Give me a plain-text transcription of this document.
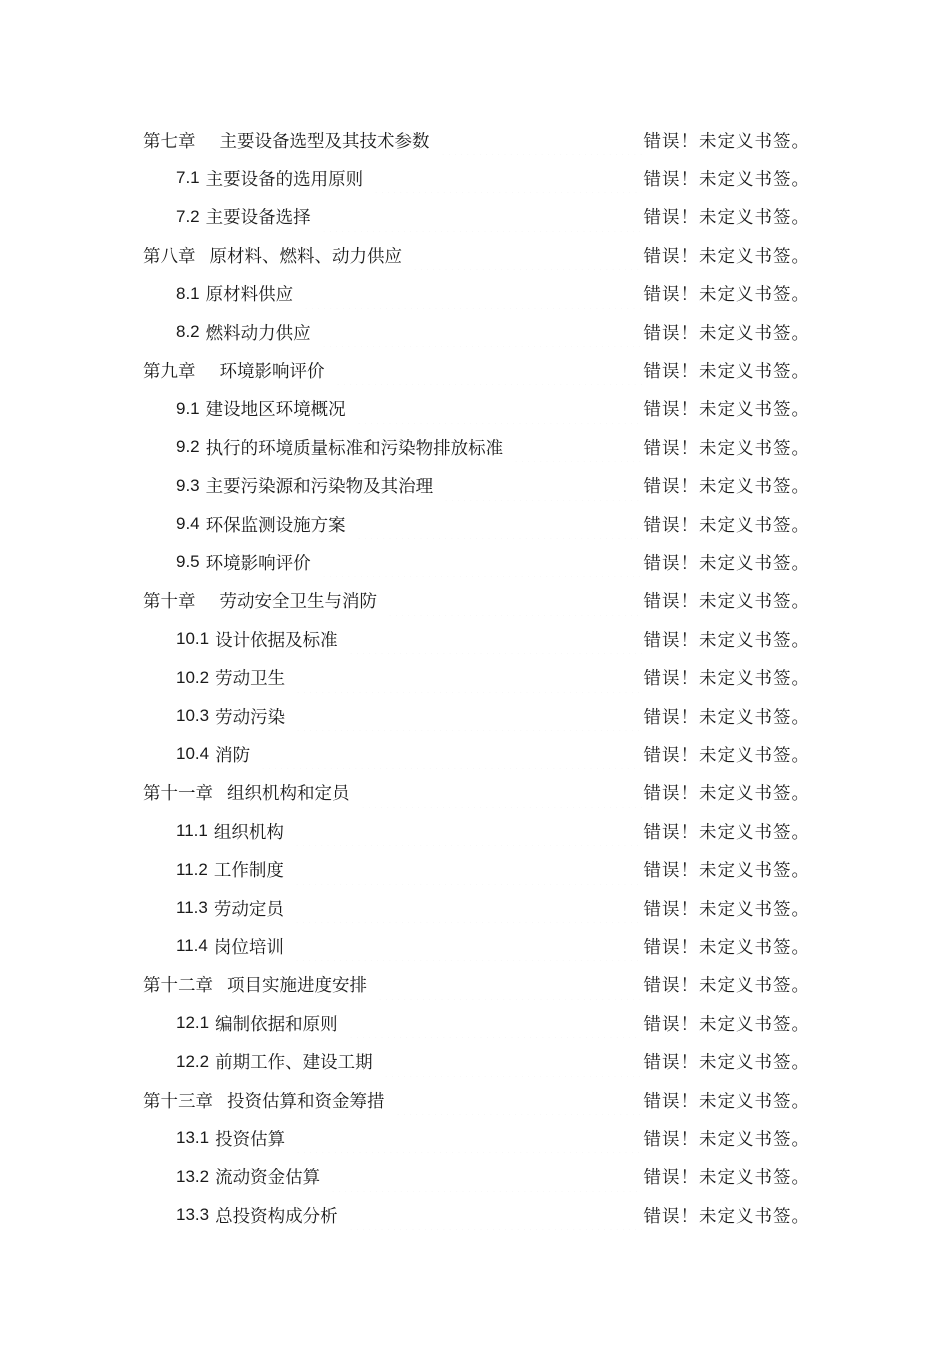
第七章 主要设备选型及其技术参数	错误！未定义书签。
7.1 主要设备的选用原则	错误！未定义书签。
7.2 主要设备选择	错误！未定义书签。
第八章 原材料、燃料、动力供应	错误！未定义书签。
8.1 原材料供应	错误！未定义书签。
8.2 燃料动力供应	错误！未定义书签。
第九章 环境影响评价	错误！未定义书签。
9.1 建设地区环境概况	错误！未定义书签。
9.2 执行的环境质量标准和污染物排放标准	错误！未定义书签。
9.3 主要污染源和污染物及其治理	错误！未定义书签。
9.4 环保监测设施方案	错误！未定义书签。
9.5 环境影响评价	错误！未定义书签。
第十章 劳动安全卫生与消防	错误！未定义书签。
10.1 设计依据及标准	错误！未定义书签。
10.2 劳动卫生	错误！未定义书签。
10.3 劳动污染	错误！未定义书签。
10.4 消防	错误！未定义书签。
第十一章 组织机构和定员	错误！未定义书签。
11.1 组织机构	错误！未定义书签。
11.2 工作制度	错误！未定义书签。
11.3 劳动定员	错误！未定义书签。
11.4 岗位培训	错误！未定义书签。
第十二章 项目实施进度安排	错误！未定义书签。
12.1 编制依据和原则	错误！未定义书签。
12.2 前期工作、建设工期	错误！未定义书签。
第十三章 投资估算和资金筹措	错误！未定义书签。
13.1 投资估算	错误！未定义书签。
13.2 流动资金估算	错误！未定义书签。
13.3 总投资构成分析	错误！未定义书签。
